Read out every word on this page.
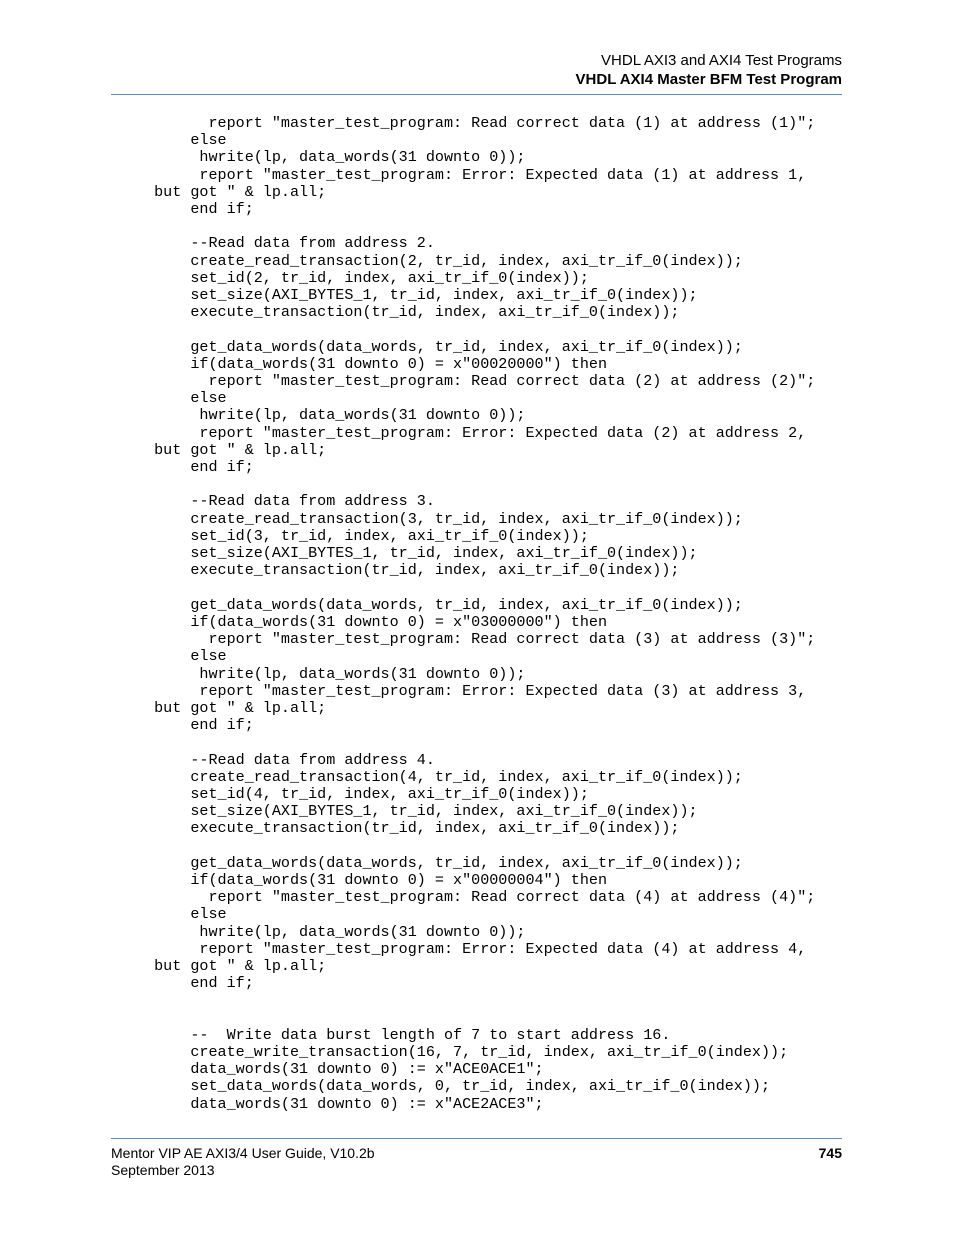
VHDL AXI3 and AXI4 Test Programs
VHDL AXI4 Master BFM Test Program
report "master_test_program: Read correct data (1) at address (1)";
else
hwrite(lp, data_words(31 downto 0));
report "master_test_program: Error: Expected data (1) at address 1,
but got " & lp.all;
end if;

--Read data from address 2.
create_read_transaction(2, tr_id, index, axi_tr_if_0(index));
set_id(2, tr_id, index, axi_tr_if_0(index));
set_size(AXI_BYTES_1, tr_id, index, axi_tr_if_0(index));
execute_transaction(tr_id, index, axi_tr_if_0(index));

get_data_words(data_words, tr_id, index, axi_tr_if_0(index));
if(data_words(31 downto 0) = x"00020000") then
report "master_test_program: Read correct data (2) at address (2)";
else
hwrite(lp, data_words(31 downto 0));
report "master_test_program: Error: Expected data (2) at address 2,
but got " & lp.all;
end if;

--Read data from address 3.
create_read_transaction(3, tr_id, index, axi_tr_if_0(index));
set_id(3, tr_id, index, axi_tr_if_0(index));
set_size(AXI_BYTES_1, tr_id, index, axi_tr_if_0(index));
execute_transaction(tr_id, index, axi_tr_if_0(index));

get_data_words(data_words, tr_id, index, axi_tr_if_0(index));
if(data_words(31 downto 0) = x"03000000") then
report "master_test_program: Read correct data (3) at address (3)";
else
hwrite(lp, data_words(31 downto 0));
report "master_test_program: Error: Expected data (3) at address 3,
but got " & lp.all;
end if;

--Read data from address 4.
create_read_transaction(4, tr_id, index, axi_tr_if_0(index));
set_id(4, tr_id, index, axi_tr_if_0(index));
set_size(AXI_BYTES_1, tr_id, index, axi_tr_if_0(index));
execute_transaction(tr_id, index, axi_tr_if_0(index));

get_data_words(data_words, tr_id, index, axi_tr_if_0(index));
if(data_words(31 downto 0) = x"00000004") then
report "master_test_program: Read correct data (4) at address (4)";
else
hwrite(lp, data_words(31 downto 0));
report "master_test_program: Error: Expected data (4) at address 4,
but got " & lp.all;
end if;

--  Write data burst length of 7 to start address 16.
create_write_transaction(16, 7, tr_id, index, axi_tr_if_0(index));
data_words(31 downto 0) := x"ACE0ACE1";
set_data_words(data_words, 0, tr_id, index, axi_tr_if_0(index));
data_words(31 downto 0) := x"ACE2ACE3";
Mentor VIP AE AXI3/4 User Guide, V10.2b
September 2013
745
